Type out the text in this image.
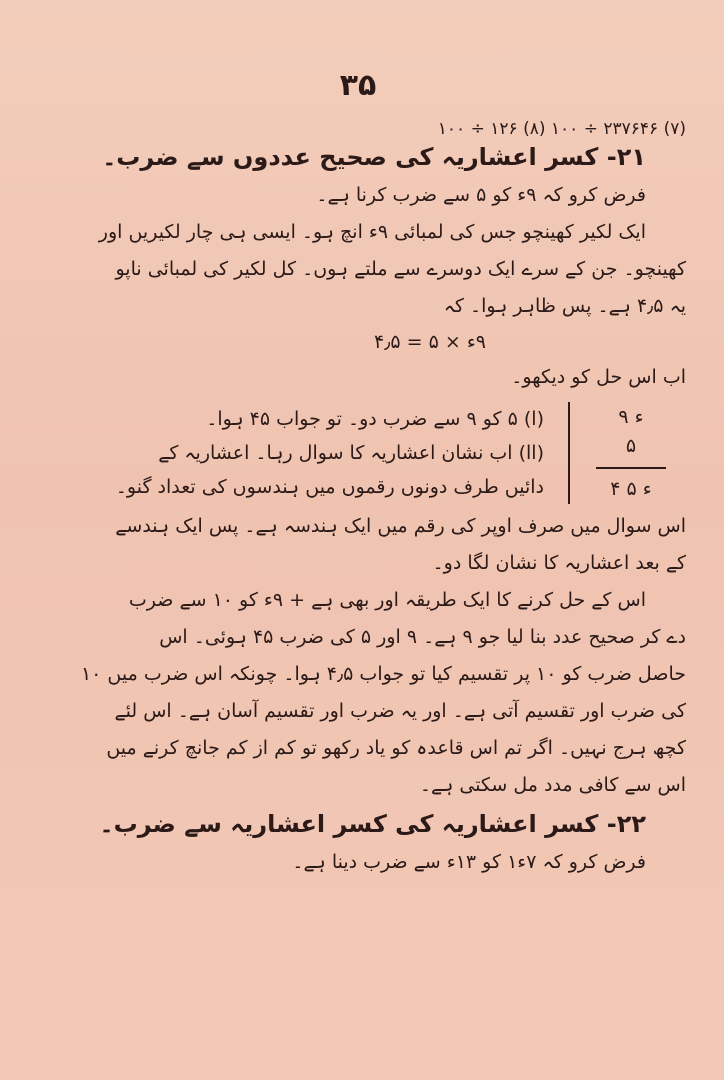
۳۵
(۷) ۲۳۷۶۴۶ ÷ ۱۰۰ (۸) ۱۲۶ ÷ ۱۰۰
۲۱- کسر اعشاریہ کی صحیح عددوں سے ضرب۔

فرض کرو کہ ۹ء کو ۵ سے ضرب کرنا ہے۔

ایک لکیر کھینچو جس کی لمبائی ۹ء انچ ہو۔ ایسی ہی چار لکیریں اور

کھینچو۔ جن کے سرے ایک دوسرے سے ملتے ہوں۔ کل لکیر کی لمبائی ناپو

یہ ۴٫۵ ہے۔ پس ظاہر ہوا۔ کہ

۹ء × ۵ = ۴٫۵

اب اس حل کو دیکھو۔

۹ ء
۵
۴ ء ۵

(ا) ۵ کو ۹ سے ضرب دو۔ تو جواب ۴۵ ہوا۔

(اا) اب نشان اعشاریہ کا سوال رہا۔ اعشاریہ کے

دائیں طرف دونوں رقموں میں ہندسوں کی تعداد گنو۔

اس سوال میں صرف اوپر کی رقم میں ایک ہندسہ ہے۔ پس ایک ہندسے

کے بعد اعشاریہ کا نشان لگا دو۔

اس کے حل کرنے کا ایک طریقہ اور بھی ہے + ۹ء کو ۱۰ سے ضرب

دے کر صحیح عدد بنا لیا جو ۹ ہے۔ ۹ اور ۵ کی ضرب ۴۵ ہوئی۔ اس

حاصل ضرب کو ۱۰ پر تقسیم کیا تو جواب ۴٫۵ ہوا۔ چونکہ اس ضرب میں ۱۰

کی ضرب اور تقسیم آتی ہے۔ اور یہ ضرب اور تقسیم آسان ہے۔ اس لئے

کچھ ہرج نہیں۔ اگر تم اس قاعدہ کو یاد رکھو تو کم از کم جانچ کرنے میں

اس سے کافی مدد مل سکتی ہے۔

۲۲- کسر اعشاریہ کی کسر اعشاریہ سے ضرب۔

فرض کرو کہ ۷ء۱ کو ۱۳ء سے ضرب دینا ہے۔
